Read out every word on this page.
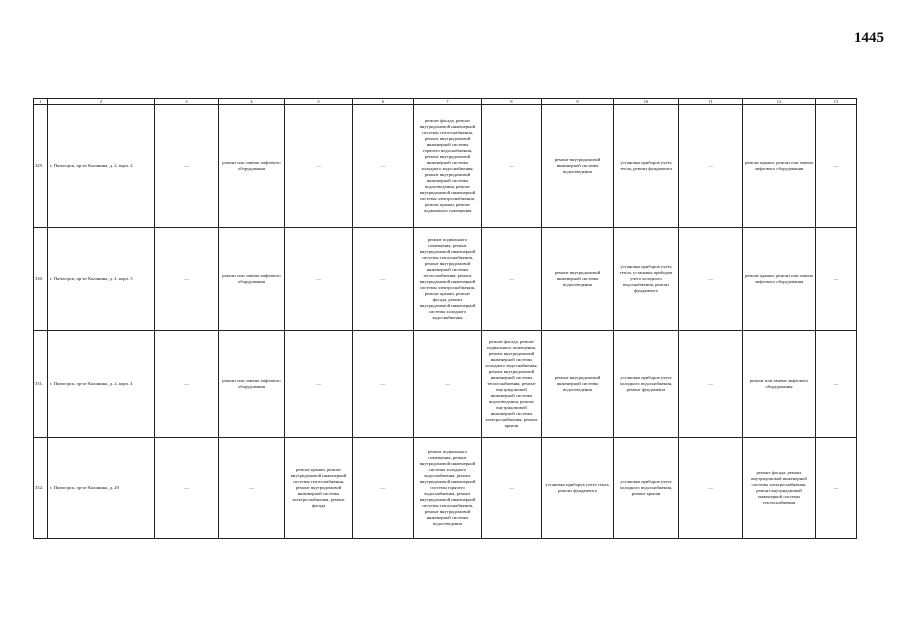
1445
1	2	3	4	5	6	7	8	9	10	11	12	13
329.	г. Пятигорск, пр-кт Калинина, д. 2, корп. 2	—	ремонт или замена лифтового оборудования	—	—	ремонт фасада, ремонт внутридомовой инженерной системы теплоснабжения, ремонт внутридомовой инженерной системы горячего водоснабжения, ремонт внутридомовой инженерной системы холодного водоснабжения, ремонт внутридомовой инженерной системы водоотведения, ремонт внутридомовой инженерной системы электроснабжения, ремонт крыши, ремонт подвального помещения	—	ремонт внутридомовой инженерной системы водоотведения	установка приборов учета тепла, ремонт фундамента	—	ремонт крыши, ремонт или замена лифтового оборудования	—
330.	г. Пятигорск, пр-кт Калинина, д. 2, корп. 3	—	ремонт или замена лифтового оборудования	—	—	ремонт подвального помещения, ремонт внутридомовой инженерной системы теплоснабжения, ремонт внутридомовой инженерной системы теплоснабжения, ремонт внутридомовой инженерной системы электроснабжения, ремонт крыши, ремонт фасада, ремонт внутридомовой инженерной системы холодного водоснабжения	—	ремонт внутридомовой инженерной системы водоотведения	установка приборов учета тепла, установка приборов учета холодного водоснабжения, ремонт фундамента	—	ремонт крыши, ремонт или замена лифтового оборудования	—
331.	г. Пятигорск, пр-кт Калинина, д. 2, корп. 4	—	ремонт или замена лифтового оборудования	—	—	—	ремонт фасада, ремонт подвального помещения, ремонт внутридомовой инженерной системы холодного водоснабжения, ремонт внутридомовой инженерной системы теплоснабжения, ремонт внутридомовой инженерной системы водоотведения, ремонт внутридомовой инженерной системы электроснабжения, ремонт крыши	ремонт внутридомовой инженерной системы водоотведения	установка приборов учета холодного водоснабжения, ремонт фундамента	—	ремонт или замена лифтового оборудования	—
332.	г. Пятигорск, пр-кт Калинина, д. 20	—	—	ремонт крыши, ремонт внутридомовой инженерной системы теплоснабжения, ремонт внутридомовой инженерной системы электроснабжения, ремонт фасада	—	ремонт подвального помещения, ремонт внутридомовой инженерной системы холодного водоснабжения, ремонт внутридомовой инженерной системы горячего водоснабжения, ремонт внутридомовой инженерной системы теплоснабжения, ремонт внутридомовой инженерной системы водоотведения	—	установка приборов учета тепла, ремонт фундамента	установка приборов учета холодного водоснабжения, ремонт крыши	—	ремонт фасада, ремонт внутридомовой инженерной системы электроснабжения, ремонт внутридомовой инженерной системы теплоснабжения	—
